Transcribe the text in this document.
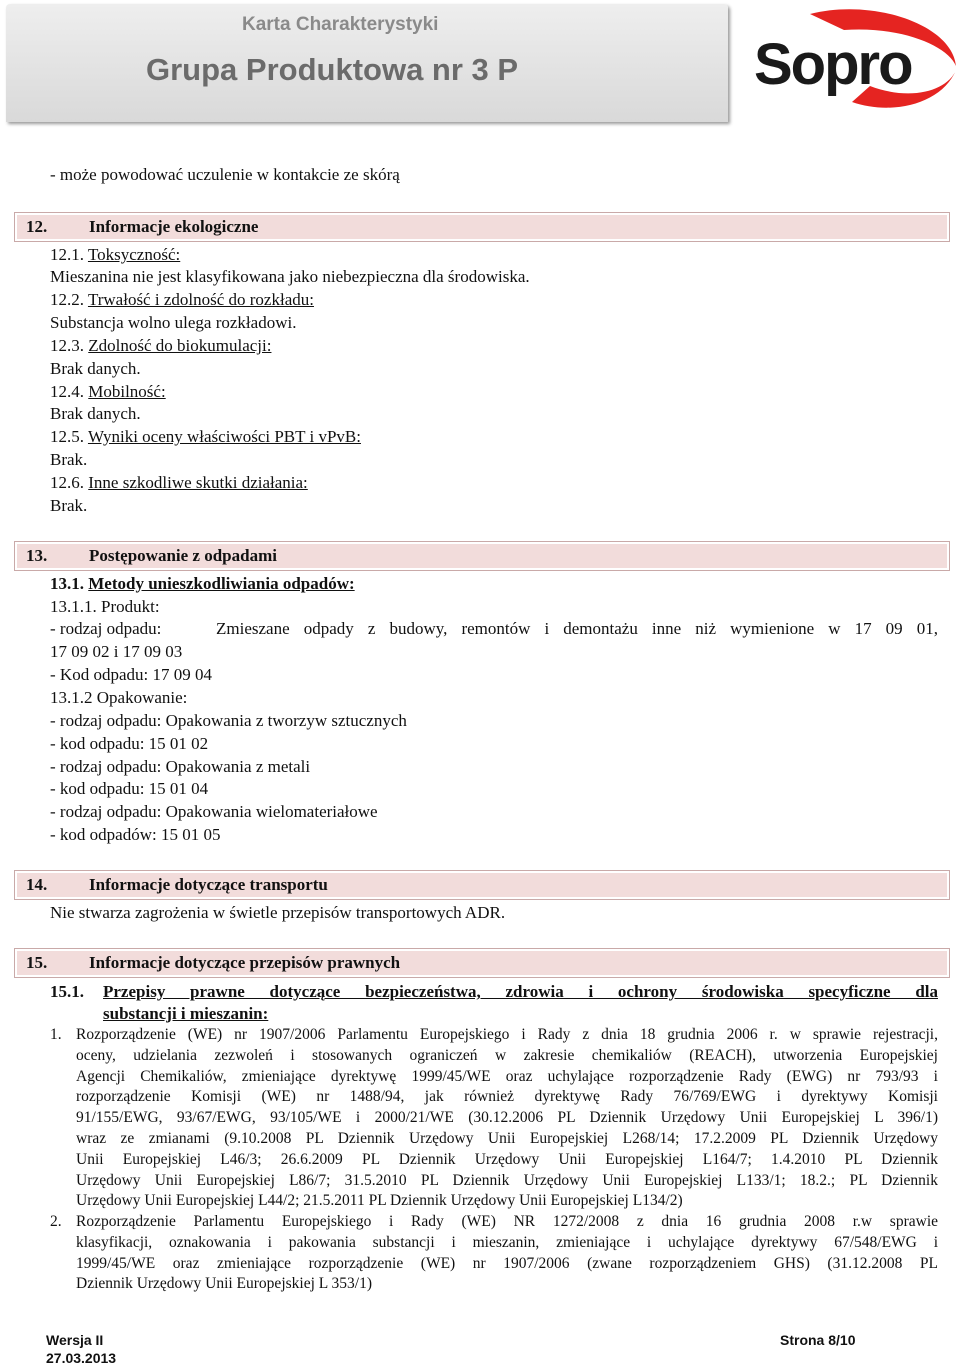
Karta Charakterystyki
Grupa Produktowa nr 3 P	Sopro
- może powodować uczulenie w kontakcie ze skórą
12. Informacje ekologiczne
12.1. Toksyczność:
Mieszanina nie jest klasyfikowana jako niebezpieczna dla środowiska.
12.2. Trwałość i zdolność do rozkładu:
Substancja wolno ulega rozkładowi.
12.3. Zdolność do biokumulacji:
Brak danych.
12.4. Mobilność:
Brak danych.
12.5. Wyniki oceny właściwości PBT i vPvB:
Brak.
12.6. Inne szkodliwe skutki działania:
Brak.
13. Postępowanie z odpadami
13.1. Metody unieszkodliwiania odpadów:
13.1.1. Produkt:
- rodzaj odpadu:	Zmieszane odpady z budowy, remontów i demontażu inne niż wymienione w 17 09 01,
17 09 02 i 17 09 03
- Kod odpadu: 17 09 04
13.1.2 Opakowanie:
- rodzaj odpadu: Opakowania z tworzyw sztucznych
- kod odpadu: 15 01 02
- rodzaj odpadu: Opakowania z metali
- kod odpadu: 15 01 04
- rodzaj odpadu: Opakowania wielomateriałowe
- kod odpadów: 15 01 05
14. Informacje dotyczące transportu
Nie stwarza zagrożenia w świetle przepisów transportowych ADR.
15. Informacje dotyczące przepisów prawnych
15.1. Przepisy prawne dotyczące bezpieczeństwa, zdrowia i ochrony środowiska specyficzne dla
substancji i mieszanin:
1. Rozporządzenie (WE) nr 1907/2006 Parlamentu Europejskiego i Rady z dnia 18 grudnia 2006 r. w sprawie rejestracji,
oceny, udzielania zezwoleń i stosowanych ograniczeń w zakresie chemikaliów (REACH), utworzenia Europejskiej
Agencji Chemikaliów, zmieniające dyrektywę 1999/45/WE oraz uchylające rozporządzenie Rady (EWG) nr 793/93 i
rozporządzenie Komisji (WE) nr 1488/94, jak również dyrektywę Rady 76/769/EWG i dyrektywy Komisji
91/155/EWG, 93/67/EWG, 93/105/WE i 2000/21/WE (30.12.2006 PL Dziennik Urzędowy Unii Europejskiej L 396/1)
wraz ze zmianami (9.10.2008 PL Dziennik Urzędowy Unii Europejskiej L268/14; 17.2.2009 PL Dziennik Urzędowy
Unii Europejskiej L46/3; 26.6.2009 PL Dziennik Urzędowy Unii Europejskiej L164/7; 1.4.2010 PL Dziennik
Urzędowy Unii Europejskiej L86/7; 31.5.2010 PL Dziennik Urzędowy Unii Europejskiej L133/1; 18.2.; PL Dziennik
Urzędowy Unii Europejskiej L44/2; 21.5.2011 PL Dziennik Urzędowy Unii Europejskiej L134/2)
2. Rozporządzenie Parlamentu Europejskiego i Rady (WE) NR 1272/2008 z dnia 16 grudnia 2008 r.w sprawie
klasyfikacji, oznakowania i pakowania substancji i mieszanin, zmieniające i uchylające dyrektywy 67/548/EWG i
1999/45/WE oraz zmieniające rozporządzenie (WE) nr 1907/2006 (zwane rozporządzeniem GHS) (31.12.2008 PL
Dziennik Urzędowy Unii Europejskiej L 353/1)
Wersja II
27.03.2013
Strona 8/10
